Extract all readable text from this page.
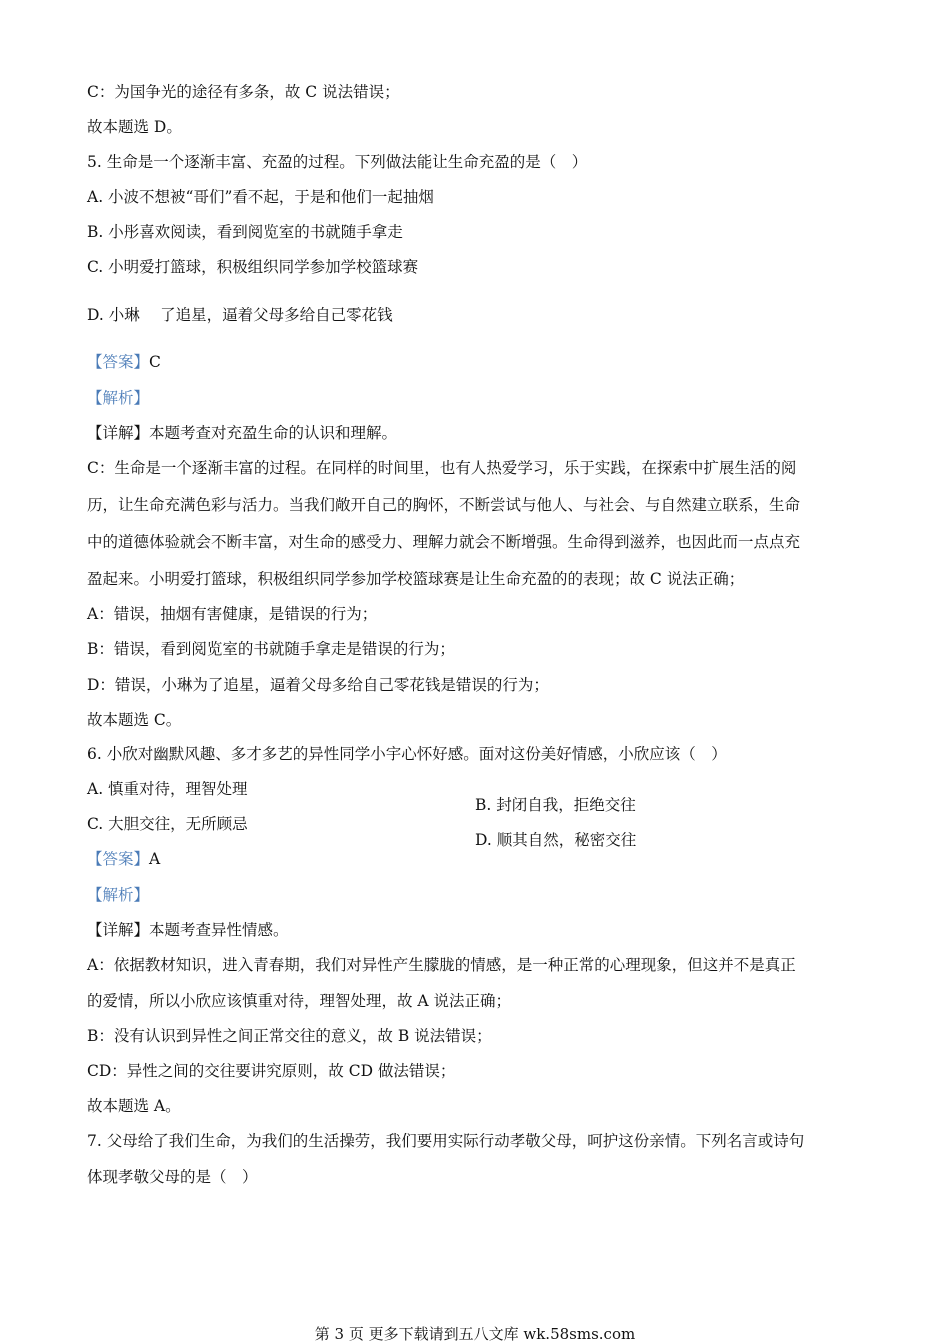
C：为国争光的途径有多条，故 C 说法错误；

故本题选 D。

5. 生命是一个逐渐丰富、充盈的过程。下列做法能让生命充盈的是（　）

A. 小波不想被“哥们”看不起，于是和他们一起抽烟

B. 小彤喜欢阅读，看到阅览室的书就随手拿走

C. 小明爱打篮球，积极组织同学参加学校篮球赛

D. 小琳　 了追星，逼着父母多给自己零花钱

【答案】C

【解析】

【详解】本题考查对充盈生命的认识和理解。

C：生命是一个逐渐丰富的过程。在同样的时间里，也有人热爱学习，乐于实践，在探索中扩展生活的阅

历，让生命充满色彩与活力。当我们敞开自己的胸怀，不断尝试与他人、与社会、与自然建立联系，生命

中的道德体验就会不断丰富，对生命的感受力、理解力就会不断增强。生命得到滋养，也因此而一点点充

盈起来。小明爱打篮球，积极组织同学参加学校篮球赛是让生命充盈的的表现；故 C 说法正确；

A：错误，抽烟有害健康，是错误的行为；

B：错误，看到阅览室的书就随手拿走是错误的行为；

D：错误，小琳为了追星，逼着父母多给自己零花钱是错误的行为；

故本题选 C。

6. 小欣对幽默风趣、多才多艺的异性同学小宇心怀好感。面对这份美好情感，小欣应该（　）

A. 慎重对待，理智处理

B. 封闭自我，拒绝交往

C. 大胆交往，无所顾忌

D. 顺其自然，秘密交往

【答案】A

【解析】

【详解】本题考查异性情感。

A：依据教材知识，进入青春期，我们对异性产生朦胧的情感，是一种正常的心理现象，但这并不是真正

的爱情，所以小欣应该慎重对待，理智处理，故 A 说法正确；

B：没有认识到异性之间正常交往的意义，故 B 说法错误；

CD：异性之间的交往要讲究原则，故 CD 做法错误；

故本题选 A。

7. 父母给了我们生命，为我们的生活操劳，我们要用实际行动孝敬父母，呵护这份亲情。下列名言或诗句

体现孝敬父母的是（　）

第 3 页 更多下载请到五八文库 wk.58sms.com
